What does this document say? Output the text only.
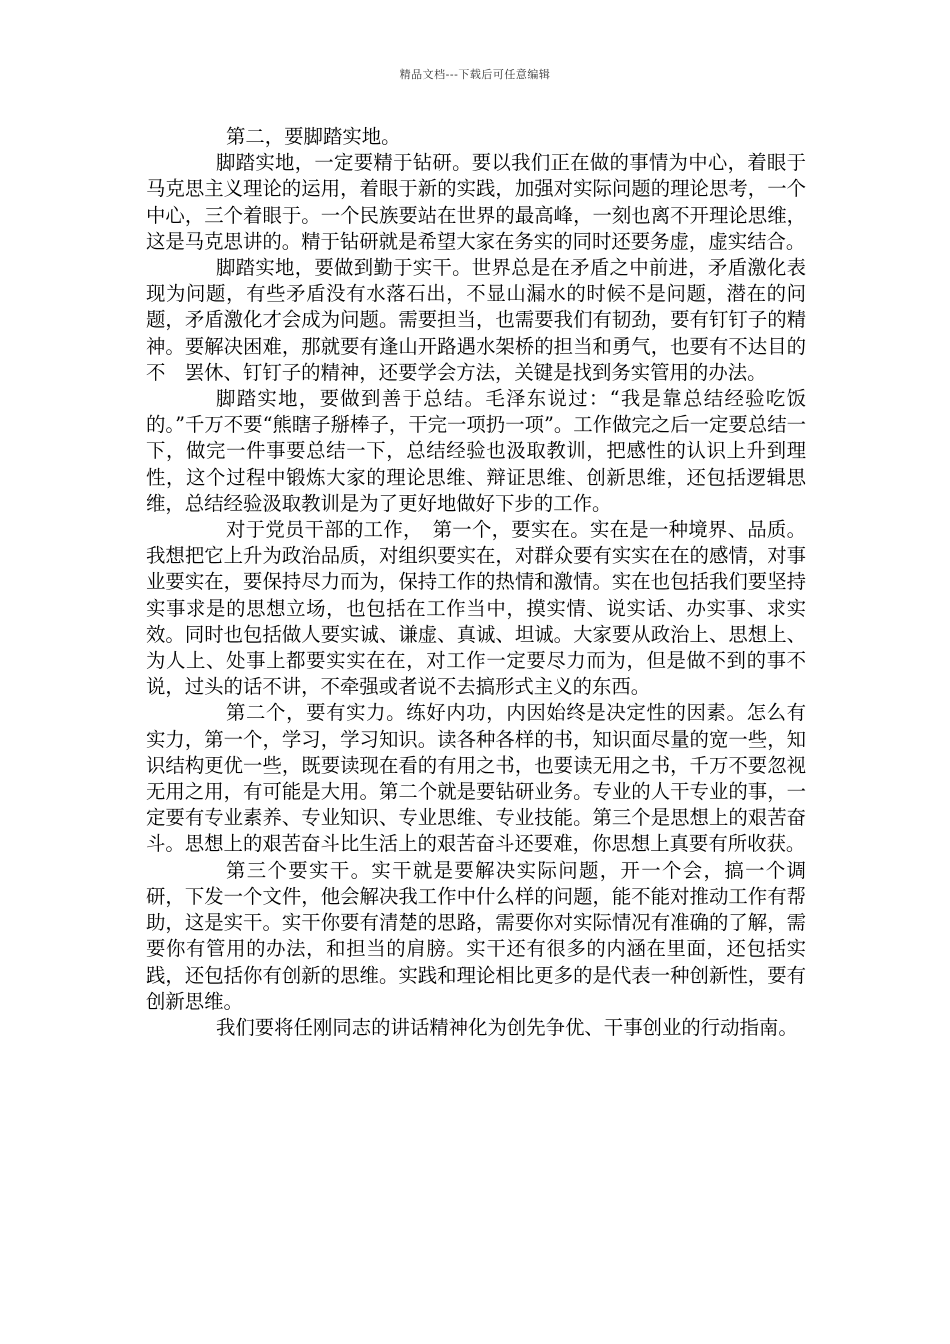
精品文档---下载后可任意编辑

第二，要脚踏实地。

脚踏实地，一定要精于钻研。要以我们正在做的事情为中心，着眼于马克思主义理论的运用，着眼于新的实践，加强对实际问题的理论思考，一个中心，三个着眼于。一个民族要站在世界的最高峰，一刻也离不开理论思维，这是马克思讲的。精于钻研就是希望大家在务实的同时还要务虚，虚实结合。

脚踏实地，要做到勤于实干。世界总是在矛盾之中前进，矛盾激化表现为问题，有些矛盾没有水落石出，不显山漏水的时候不是问题，潜在的问题，矛盾激化才会成为问题。需要担当，也需要我们有韧劲，要有钉钉子的精神。要解决困难，那就要有逢山开路遇水架桥的担当和勇气，也要有不达目的不　罢休、钉钉子的精神，还要学会方法，关键是找到务实管用的办法。

脚踏实地，要做到善于总结。毛泽东说过：“我是靠总结经验吃饭的。”千万不要“熊瞎子掰棒子，干完一项扔一项”。工作做完之后一定要总结一下，做完一件事要总结一下，总结经验也汲取教训，把感性的认识上升到理性，这个过程中锻炼大家的理论思维、辩证思维、创新思维，还包括逻辑思维，总结经验汲取教训是为了更好地做好下步的工作。

对于党员干部的工作，　第一个，要实在。实在是一种境界、品质。我想把它上升为政治品质，对组织要实在，对群众要有实实在在的感情，对事业要实在，要保持尽力而为，保持工作的热情和激情。实在也包括我们要坚持实事求是的思想立场，也包括在工作当中，摸实情、说实话、办实事、求实效。同时也包括做人要实诚、谦虚、真诚、坦诚。大家要从政治上、思想上、为人上、处事上都要实实在在，对工作一定要尽力而为，但是做不到的事不说，过头的话不讲，不牵强或者说不去搞形式主义的东西。

第二个，要有实力。练好内功，内因始终是决定性的因素。怎么有实力，第一个，学习，学习知识。读各种各样的书，知识面尽量的宽一些，知识结构更优一些，既要读现在看的有用之书，也要读无用之书，千万不要忽视无用之用，有可能是大用。第二个就是要钻研业务。专业的人干专业的事，一定要有专业素养、专业知识、专业思维、专业技能。第三个是思想上的艰苦奋斗。思想上的艰苦奋斗比生活上的艰苦奋斗还要难，你思想上真要有所收获。

第三个要实干。实干就是要解决实际问题，开一个会，搞一个调研，下发一个文件，他会解决我工作中什么样的问题，能不能对推动工作有帮助，这是实干。实干你要有清楚的思路，需要你对实际情况有准确的了解，需要你有管用的办法，和担当的肩膀。实干还有很多的内涵在里面，还包括实践，还包括你有创新的思维。实践和理论相比更多的是代表一种创新性，要有创新思维。

我们要将任刚同志的讲话精神化为创先争优、干事创业的行动指南。
